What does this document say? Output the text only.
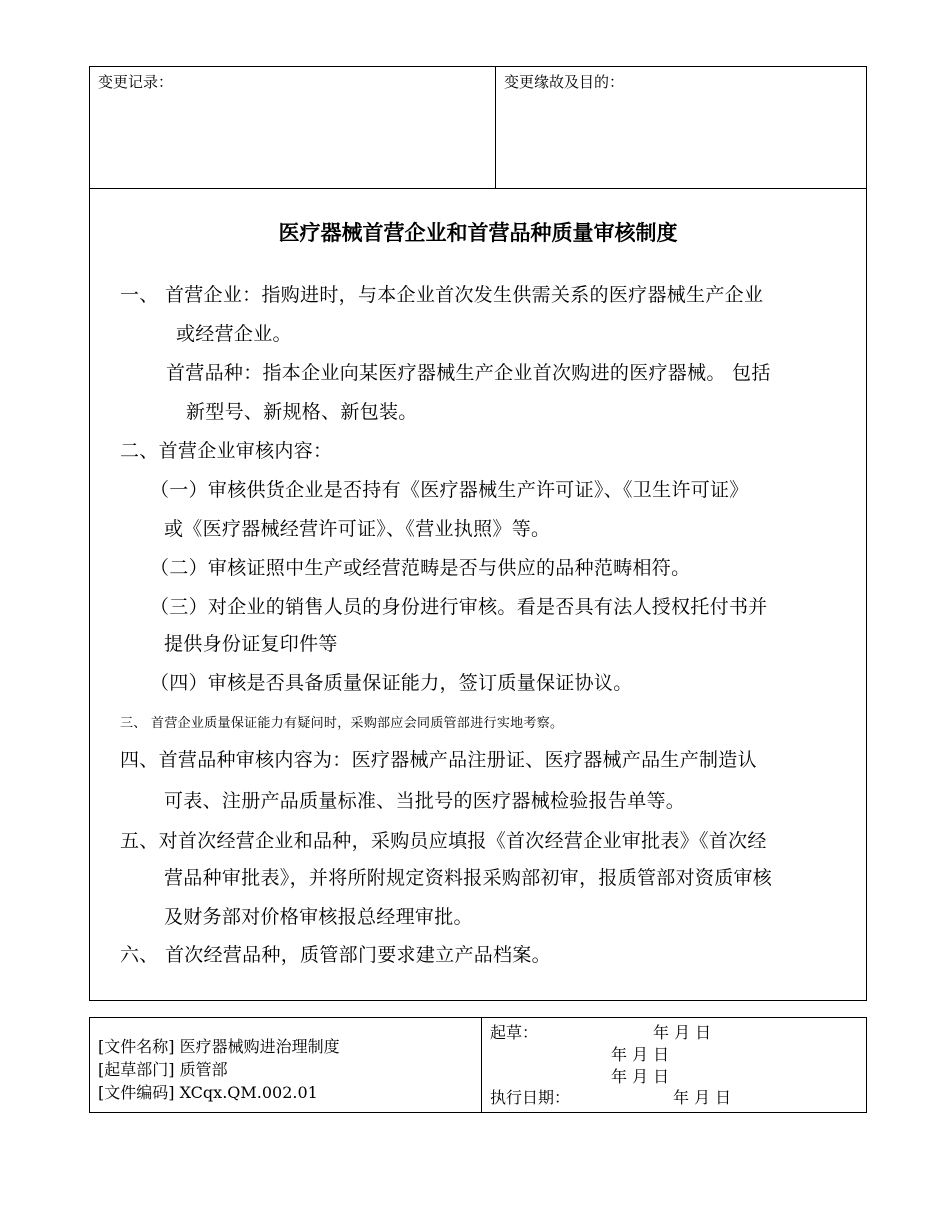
变更记录：	变更缘故及目的：
医疗器械首营企业和首营品种质量审核制度
一、 首营企业：指购进时，与本企业首次发生供需关系的医疗器械生产企业
或经营企业。
首营品种：指本企业向某医疗器械生产企业首次购进的医疗器械。 包括
新型号、新规格、新包装。
二、首营企业审核内容：
（一）审核供货企业是否持有《医疗器械生产许可证》、《卫生许可证》
或《医疗器械经营许可证》、《营业执照》等。
（二）审核证照中生产或经营范畴是否与供应的品种范畴相符。
（三）对企业的销售人员的身份进行审核。看是否具有法人授权托付书并
提供身份证复印件等
（四）审核是否具备质量保证能力，签订质量保证协议。
三、 首营企业质量保证能力有疑问时，采购部应会同质管部进行实地考察。
四、首营品种审核内容为：医疗器械产品注册证、医疗器械产品生产制造认
可表、注册产品质量标准、当批号的医疗器械检验报告单等。
五、对首次经营企业和品种，采购员应填报《首次经营企业审批表》《首次经
营品种审批表》，并将所附规定资料报采购部初审，报质管部对资质审核
及财务部对价格审核报总经理审批。
六、 首次经营品种，质管部门要求建立产品档案。
[文件名称] 医疗器械购进治理制度
[起草部门] 质管部
[文件编码] XCqx.QM.002.01
起草：	年 月 日
年 月 日
年 月 日
执行日期：	年 月 日
